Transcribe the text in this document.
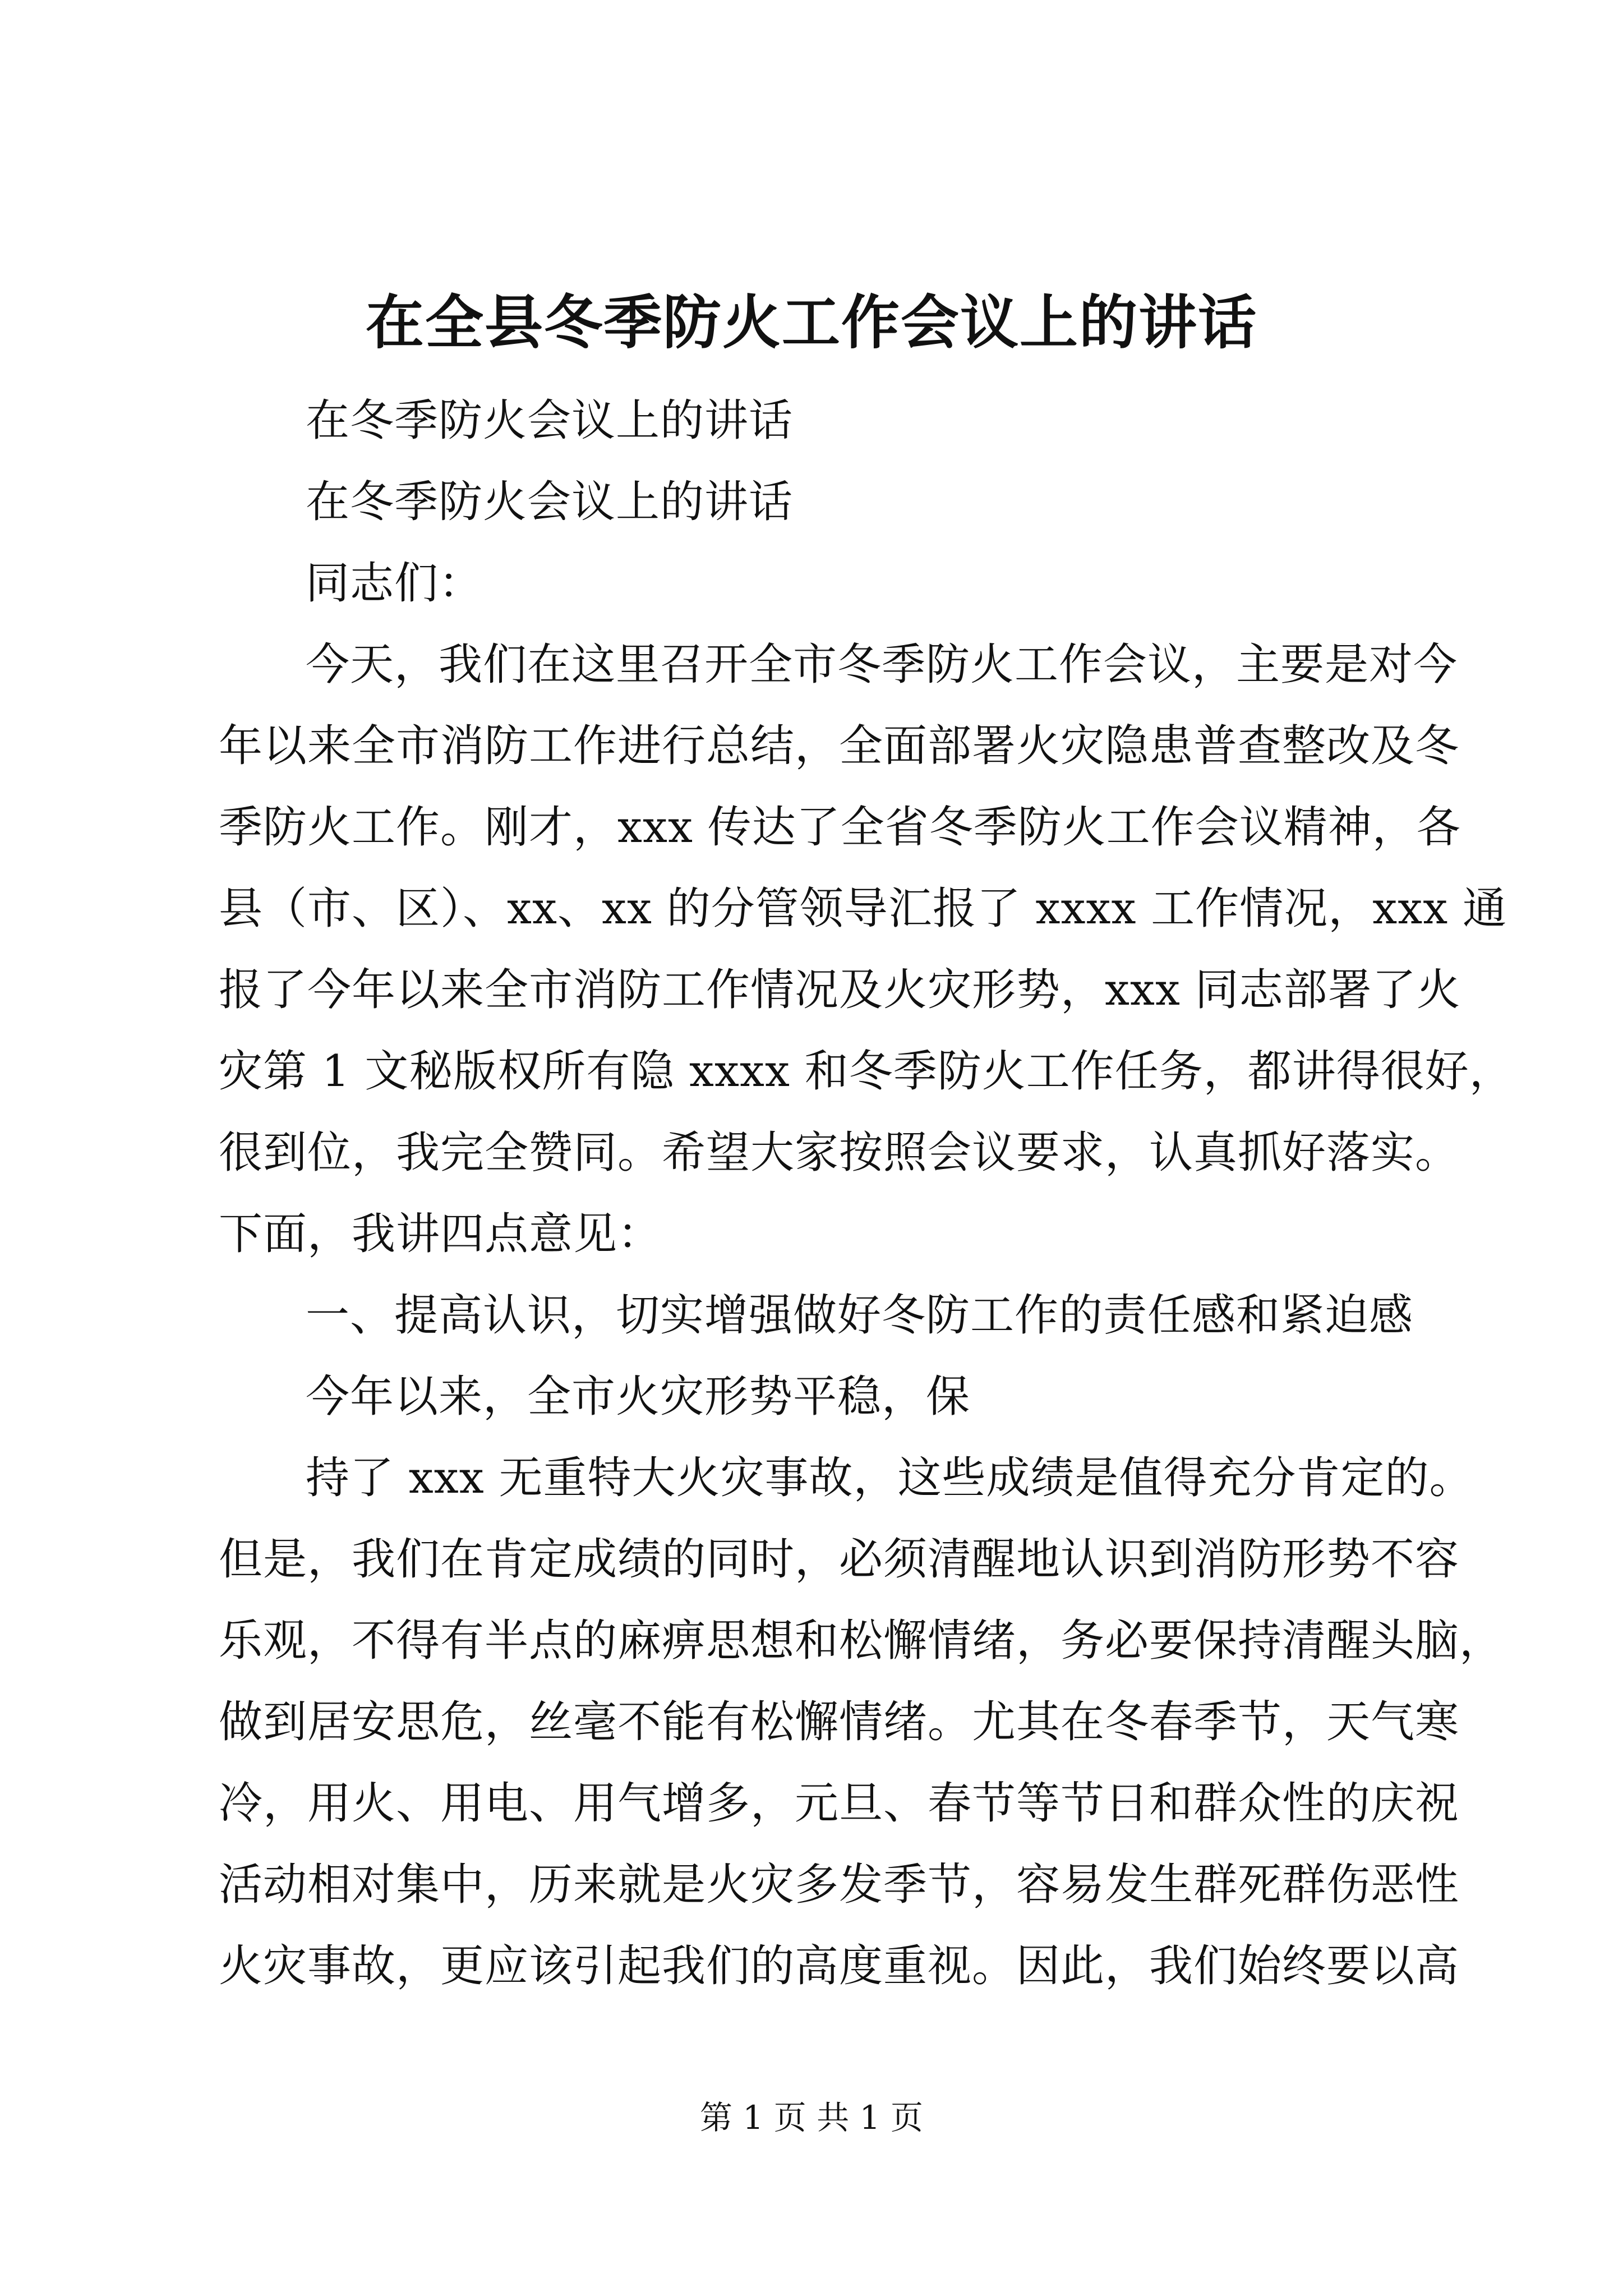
在全县冬季防火工作会议上的讲话
在冬季防火会议上的讲话
在冬季防火会议上的讲话
同志们：
今天，我们在这里召开全市冬季防火工作会议，主要是对今
年以来全市消防工作进行总结，全面部署火灾隐患普查整改及冬
季防火工作。刚才，xxx 传达了全省冬季防火工作会议精神，各
县（市、区）、xx、xx 的分管领导汇报了 xxxx 工作情况，xxx 通
报了今年以来全市消防工作情况及火灾形势，xxx 同志部署了火
灾第 1 文秘版权所有隐 xxxx 和冬季防火工作任务，都讲得很好，
很到位，我完全赞同。希望大家按照会议要求，认真抓好落实。
下面，我讲四点意见：
一、提高认识，切实增强做好冬防工作的责任感和紧迫感
今年以来，全市火灾形势平稳，保
持了 xxx 无重特大火灾事故，这些成绩是值得充分肯定的。
但是，我们在肯定成绩的同时，必须清醒地认识到消防形势不容
乐观，不得有半点的麻痹思想和松懈情绪，务必要保持清醒头脑，
做到居安思危，丝毫不能有松懈情绪。尤其在冬春季节，天气寒
冷，用火、用电、用气增多，元旦、春节等节日和群众性的庆祝
活动相对集中，历来就是火灾多发季节，容易发生群死群伤恶性
火灾事故，更应该引起我们的高度重视。因此，我们始终要以高
第 1 页 共 1 页
